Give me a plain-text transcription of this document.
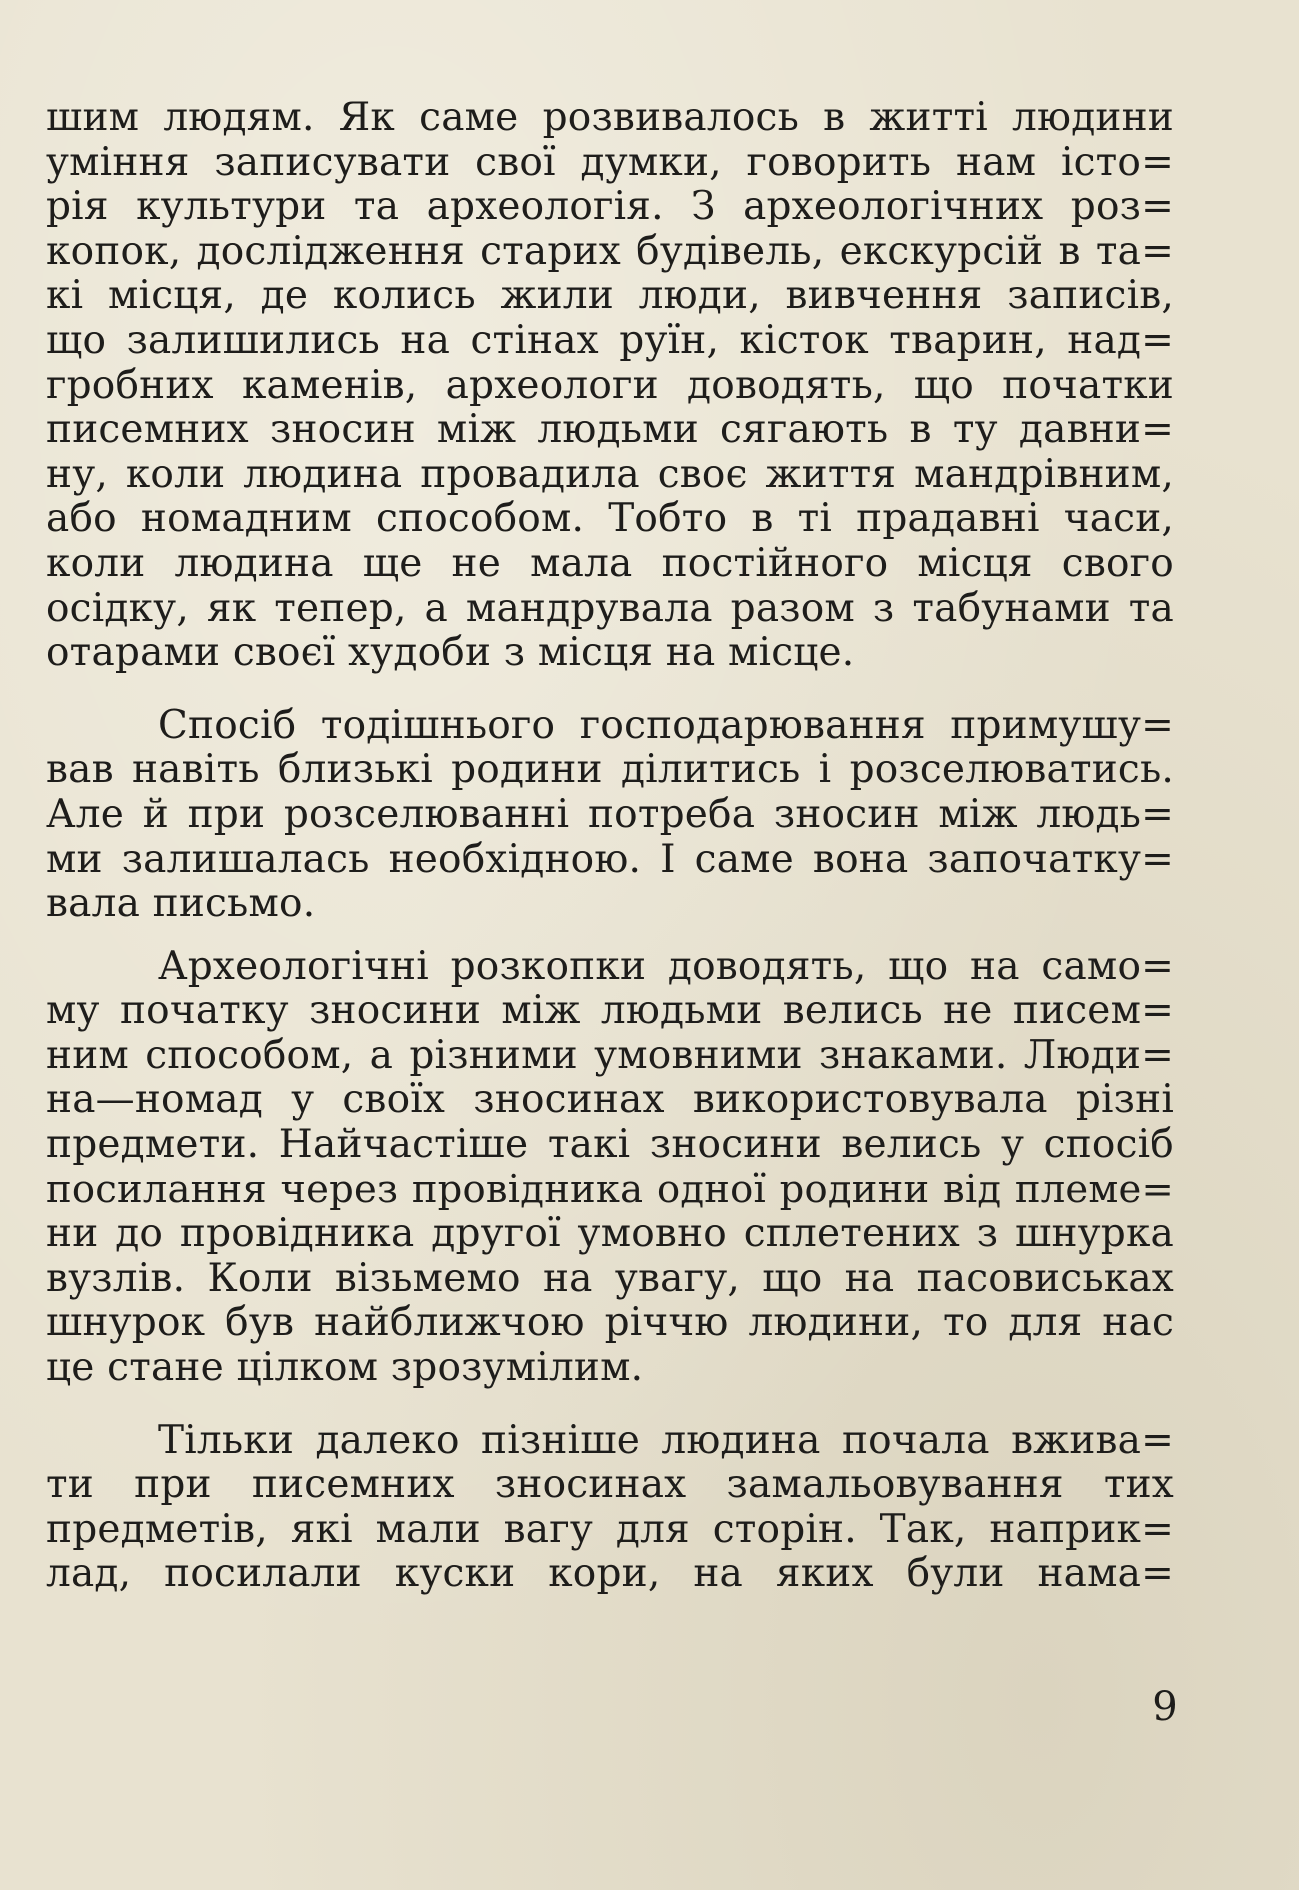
шим людям. Як саме розвивалось в житті людини
уміння записувати свої думки, говорить нам істо=
рія культури та археологія. З археологічних роз=
копок, дослідження старих будівель, екскурсій в та=
кі місця, де колись жили люди, вивчення записів,
що залишились на стінах руїн, кісток тварин, над=
гробних каменів, археологи доводять, що початки
писемних зносин між людьми сягають в ту давни=
ну, коли людина провадила своє життя мандрівним,
або номадним способом. Тобто в ті прадавні часи,
коли людина ще не мала постійного місця свого
осідку, як тепер, а мандрувала разом з табунами та
отарами своєї худоби з місця на місце.

Спосіб тодішнього господарювання примушу=
вав навіть близькі родини ділитись і розселюватись.
Але й при розселюванні потреба зносин між людь=
ми залишалась необхідною. І саме вона започатку=
вала письмо.

Археологічні розкопки доводять, що на само=
му початку зносини між людьми велись не писем=
ним способом, а різними умовними знаками. Люди=
на—номад у своїх зносинах використовувала різні
предмети. Найчастіше такі зносини велись у спосіб
посилання через провідника одної родини від племе=
ни до провідника другої умовно сплетених з шнурка
вузлів. Коли візьмемо на увагу, що на пасовиськах
шнурок був найближчою річчю людини, то для нас
це стане цілком зрозумілим.

Тільки далеко пізніше людина почала вжива=
ти при писемних зносинах замальовування тих
предметів, які мали вагу для сторін. Так, наприк=
лад, посилали куски кори, на яких були нама=

9
